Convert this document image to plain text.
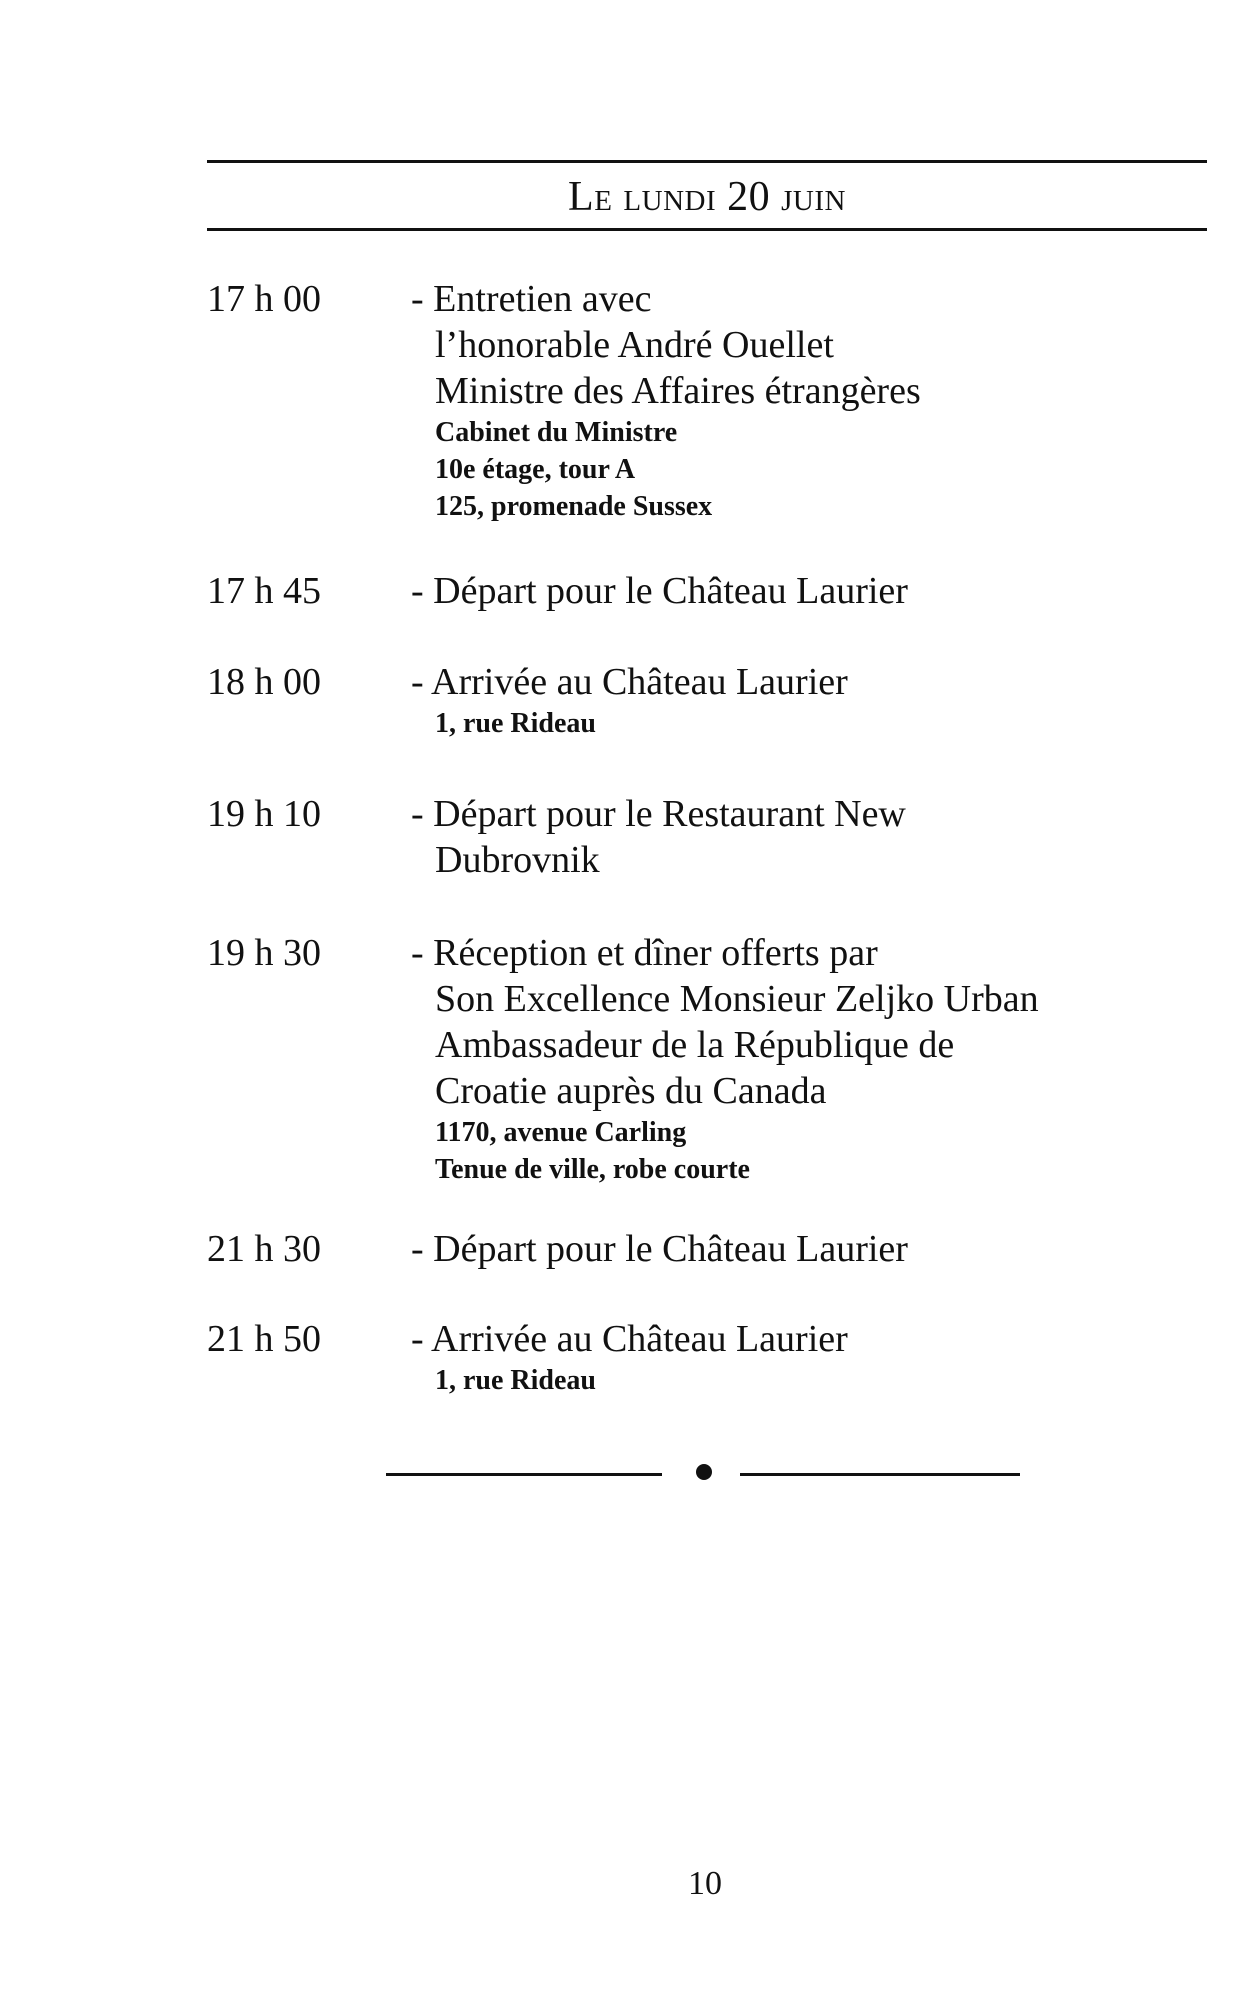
Le lundi 20 juin
17 h 00 - Entretien avec
l’honorable André Ouellet
Ministre des Affaires étrangères
Cabinet du Ministre
10e étage, tour A
125, promenade Sussex
17 h 45 - Départ pour le Château Laurier
18 h 00 - Arrivée au Château Laurier
1, rue Rideau
19 h 10 - Départ pour le Restaurant New
Dubrovnik
19 h 30 - Réception et dîner offerts par
Son Excellence Monsieur Zeljko Urban
Ambassadeur de la République de
Croatie auprès du Canada
1170, avenue Carling
Tenue de ville, robe courte
21 h 30 - Départ pour le Château Laurier
21 h 50 - Arrivée au Château Laurier
1, rue Rideau
10
